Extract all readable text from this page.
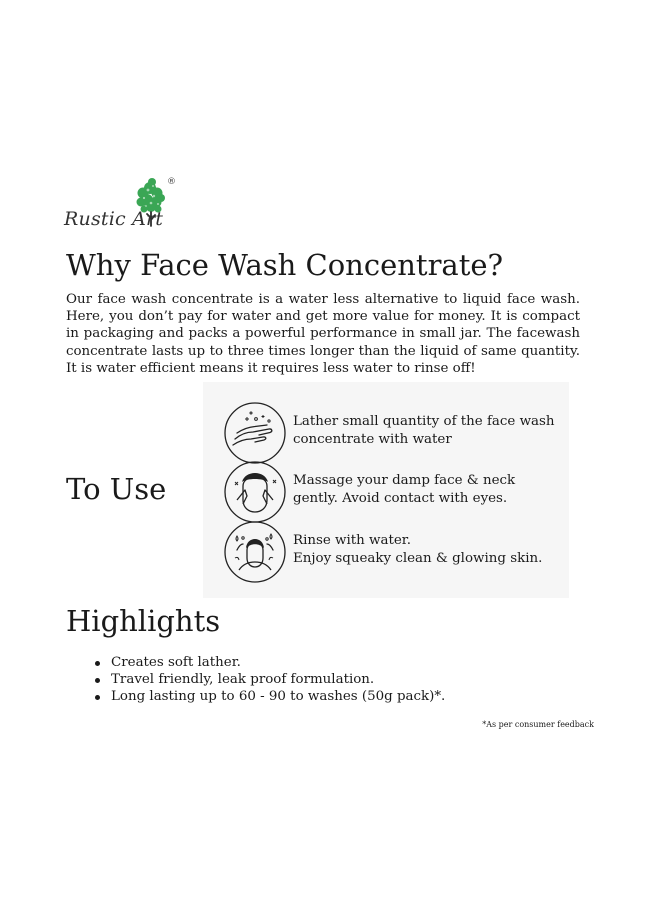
®
Rustic Art
Why Face Wash Concentrate?

Our face wash concentrate is a water less alternative to liquid face wash. Here, you don’t pay for water and get more value for money. It is compact in packaging and packs a powerful performance in small jar. The facewash concentrate lasts up to three times longer than the liquid of same quantity. It is water efficient means it requires less water to rinse off!

To Use
Lather small quantity of the face wash
concentrate with water
Massage your damp face & neck
gently. Avoid contact with eyes.
Rinse with water.
Enjoy squeaky clean & glowing skin.
Highlights
Creates soft lather.
Travel friendly, leak proof formulation.
Long lasting up to 60 - 90 to washes (50g pack)*.
*As per consumer feedback
